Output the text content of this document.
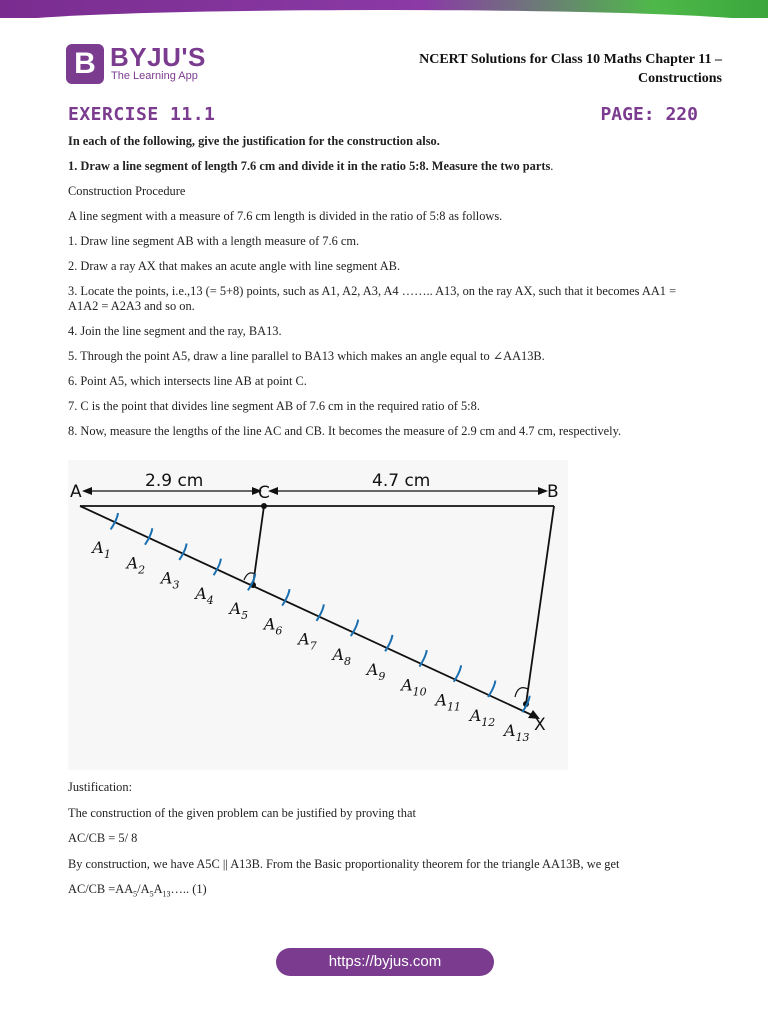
B BYJU'S
The Learning App
NCERT Solutions for Class 10 Maths Chapter 11 –
Constructions
EXERCISE 11.1	PAGE: 220

In each of the following, give the justification for the construction also.

1. Draw a line segment of length 7.6 cm and divide it in the ratio 5:8. Measure the two parts.

Construction Procedure

A line segment with a measure of 7.6 cm length is divided in the ratio of 5:8 as follows.

1. Draw line segment AB with a length measure of 7.6 cm.

2. Draw a ray AX that makes an acute angle with line segment AB.

3. Locate the points, i.e.,13 (= 5+8) points, such as A1, A2, A3, A4 …….. A13, on the ray AX, such that it becomes AA1 = A1A2 = A2A3 and so on.

4. Join the line segment and the ray, BA13.

5. Through the point A5, draw a line parallel to BA13 which makes an angle equal to ∠AA13B.

6. Point A5, which intersects line AB at point C.

7. C is the point that divides line segment AB of 7.6 cm in the required ratio of 5:8.

8. Now, measure the lengths of the line AC and CB. It becomes the measure of 2.9 cm and 4.7 cm, respectively.

2.9 cm	4.7 cm
A	C	B
X
$A_1$ $A_2$ $A_3$ $A_4$ $A_5$ $A_6$ $A_7$ $A_8$ $A_9$ $A_{10}$ $A_{11}$ $A_{12}$ $A_{13}$

Justification:

The construction of the given problem can be justified by proving that

AC/CB = 5/ 8

By construction, we have A5C || A13B. From the Basic proportionality theorem for the triangle AA13B, we get

$AC/CB =AA_5/A_5A_{13}\dots$.. (1)

https://byjus.com
